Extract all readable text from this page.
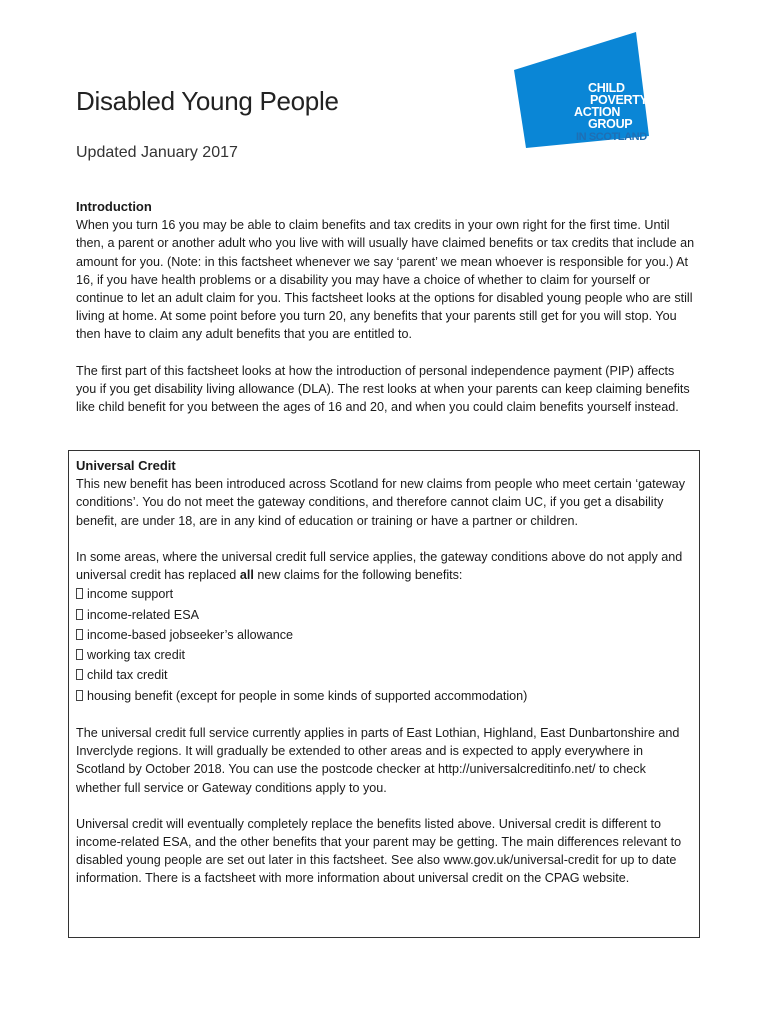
Disabled Young People
Updated January 2017
CHILD
POVERTY
ACTION
GROUP
IN SCOTLAND
Introduction

When you turn 16 you may be able to claim benefits and tax credits in your own right for the first time. Until then, a parent or another adult who you live with will usually have claimed benefits or tax credits that include an amount for you. (Note: in this factsheet whenever we say ‘parent’ we mean whoever is responsible for you.) At 16, if you have health problems or a disability you may have a choice of whether to claim for yourself or continue to let an adult claim for you. This factsheet looks at the options for disabled young people who are still living at home. At some point before you turn 20, any benefits that your parents still get for you will stop. You then have to claim any adult benefits that you are entitled to.

The first part of this factsheet looks at how the introduction of personal independence payment (PIP) affects you if you get disability living allowance (DLA). The rest looks at when your parents can keep claiming benefits like child benefit for you between the ages of 16 and 20, and when you could claim benefits yourself instead.

Universal Credit

This new benefit has been introduced across Scotland for new claims from people who meet certain ‘gateway conditions’. You do not meet the gateway conditions, and therefore cannot claim UC, if you get a disability benefit, are under 18, are in any kind of education or training or have a partner or children.

In some areas, where the universal credit full service applies, the gateway conditions above do not apply and universal credit has replaced all new claims for the following benefits:

income support
income-related ESA
income-based jobseeker’s allowance
working tax credit
child tax credit
housing benefit (except for people in some kinds of supported accommodation)

The universal credit full service currently applies in parts of East Lothian, Highland, East Dunbartonshire and Inverclyde regions. It will gradually be extended to other areas and is expected to apply everywhere in Scotland by October 2018. You can use the postcode checker at http://universalcreditinfo.net/ to check whether full service or Gateway conditions apply to you.

Universal credit will eventually completely replace the benefits listed above. Universal credit is different to income-related ESA, and the other benefits that your parent may be getting. The main differences relevant to disabled young people are set out later in this factsheet. See also www.gov.uk/universal-credit for up to date information. There is a factsheet with more information about universal credit on the CPAG website.
